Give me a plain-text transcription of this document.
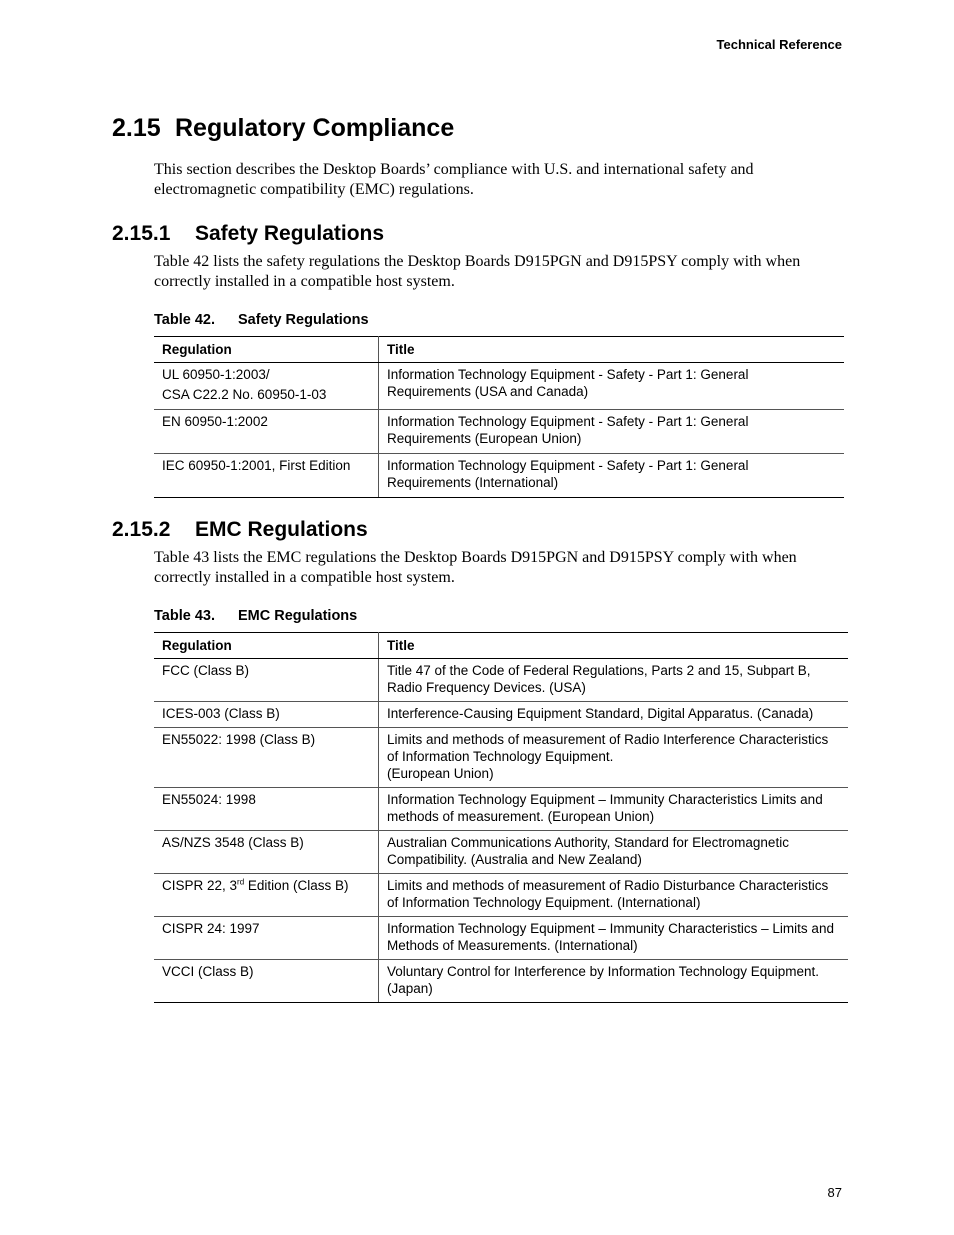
Technical Reference
2.15 Regulatory Compliance

This section describes the Desktop Boards’ compliance with U.S. and international safety and electromagnetic compatibility (EMC) regulations.

2.15.1 Safety Regulations

Table 42 lists the safety regulations the Desktop Boards D915PGN and D915PSY comply with when correctly installed in a compatible host system.

Table 42. Safety Regulations
Regulation	Title

UL 60950-1:2003/
CSA C22.2 No. 60950-1-03	Information Technology Equipment - Safety - Part 1: General Requirements (USA and Canada)
EN 60950-1:2002	Information Technology Equipment - Safety - Part 1: General Requirements (European Union)
IEC 60950-1:2001, First Edition	Information Technology Equipment - Safety - Part 1: General Requirements (International)
2.15.2 EMC Regulations

Table 43 lists the EMC regulations the Desktop Boards D915PGN and D915PSY comply with when correctly installed in a compatible host system.

Table 43. EMC Regulations
Regulation	Title
FCC (Class B)	Title 47 of the Code of Federal Regulations, Parts 2 and 15, Subpart B, Radio Frequency Devices. (USA)
ICES-003 (Class B)	Interference-Causing Equipment Standard, Digital Apparatus. (Canada)
EN55022: 1998 (Class B)	Limits and methods of measurement of Radio Interference Characteristics of Information Technology Equipment.
(European Union)

EN55024: 1998	Information Technology Equipment – Immunity Characteristics Limits and methods of measurement. (European Union)
AS/NZS 3548 (Class B)	Australian Communications Authority, Standard for Electromagnetic Compatibility. (Australia and New Zealand)
CISPR 22, 3rd Edition (Class B)	Limits and methods of measurement of Radio Disturbance Characteristics of Information Technology Equipment. (International)
CISPR 24: 1997	Information Technology Equipment – Immunity Characteristics – Limits and Methods of Measurements. (International)
VCCI (Class B)	Voluntary Control for Interference by Information Technology Equipment. (Japan)
87
